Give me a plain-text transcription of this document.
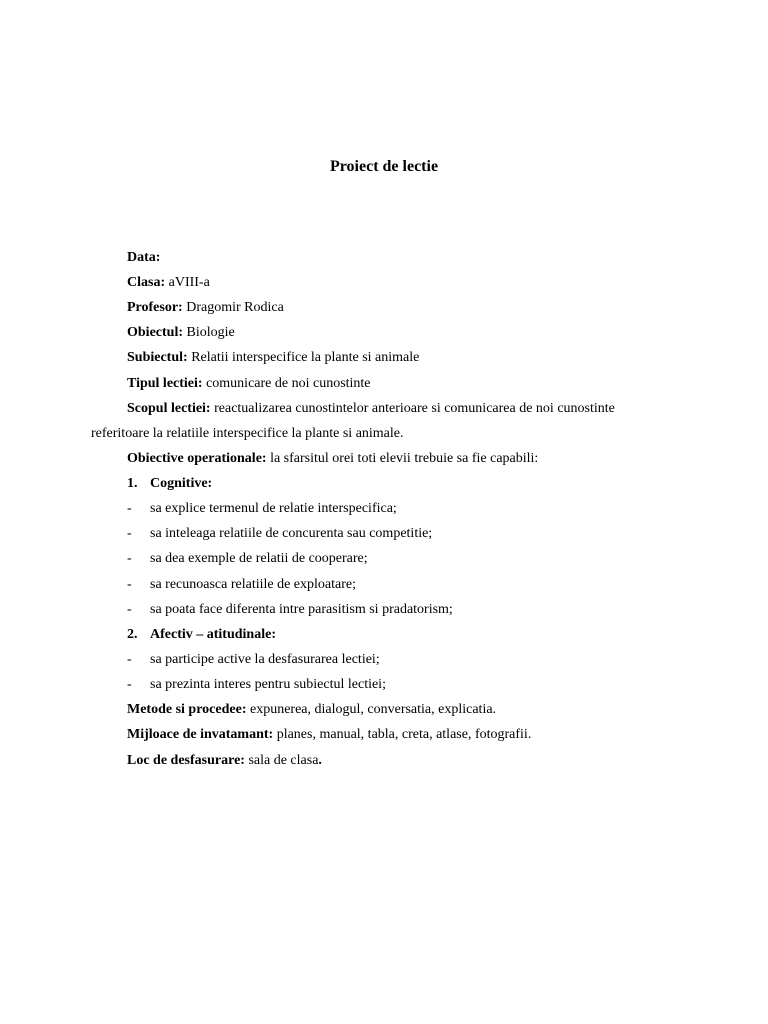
Proiect de lectie
Data:
Clasa: aVIII-a
Profesor: Dragomir Rodica
Obiectul: Biologie
Subiectul: Relatii interspecifice la plante si animale
Tipul lectiei: comunicare de noi cunostinte
Scopul lectiei: reactualizarea cunostintelor anterioare si comunicarea de noi cunostinte
referitoare la relatiile interspecifice la plante si animale.
Obiective operationale: la sfarsitul orei toti elevii trebuie sa fie capabili:
1. Cognitive:
- sa explice termenul de relatie interspecifica;
- sa inteleaga relatiile de concurenta sau competitie;
- sa dea exemple de relatii de cooperare;
- sa recunoasca relatiile de exploatare;
- sa poata face diferenta intre parasitism si pradatorism;
2. Afectiv – atitudinale:
- sa participe active la desfasurarea lectiei;
- sa prezinta interes pentru subiectul lectiei;
Metode si procedee: expunerea, dialogul, conversatia, explicatia.
Mijloace de invatamant: planes, manual, tabla, creta, atlase, fotografii.
Loc de desfasurare: sala de clasa.
